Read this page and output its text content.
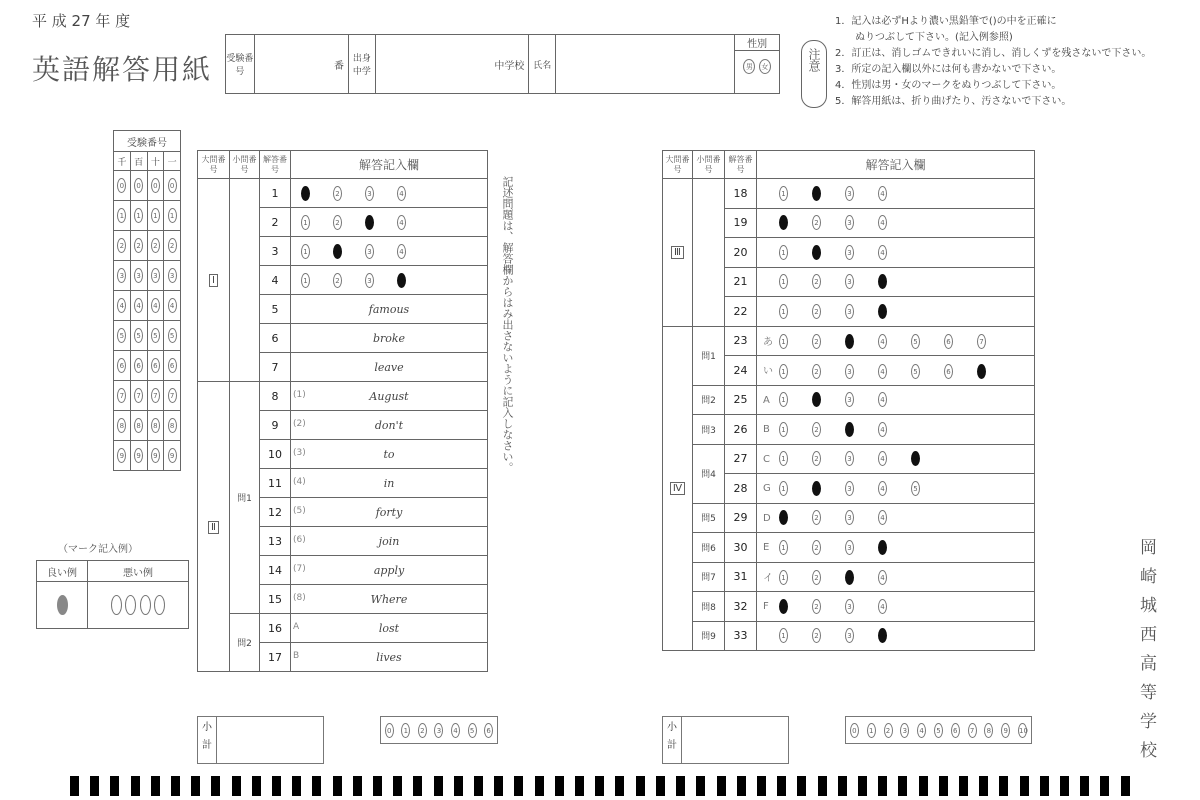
平 成 27 年 度
英語解答用紙 受験番号	番	出身中学	中学校	氏名		
性別
男 女	注意
1．記入は必ずHより濃い黒鉛筆で()の中を正確に
　　ぬりつぶして下さい。(記入例参照)
2．訂正は、消しゴムできれいに消し、消しくずを残さないで下さい。
3．所定の記入欄以外には何も書かないで下さい。
4．性別は男・女のマークをぬりつぶして下さい。
5．解答用紙は、折り曲げたり、汚さないで下さい。
受験番号			
千	百	十	一
0	0	0	0
1	1	1	1
2	2	2	2
3	3	3	3
4	4	4	4
5	5	5	5
6	6	6	6
7	7	7	7
8	8	8	8
9	9	9	9
（マーク記入例）
良い例	悪い例

大問番号	小問番号	解答番号	解答記入欄
Ⅰ		1	1 2 3 4
		2	1 2 3 4
		3	1 2 3 4
		4	1 2 3 4
		5	famous
		6	broke
		7	leave
Ⅱ	問1	8	(1) August
		9	(2) don't
		10	(3) to
		11	(4) in
		12	(5) forty
		13	(6) join
		14	(7) apply
		15	(8) Where
	問2	16	A lost
		17	B lives
記述問題は、解答欄からはみ出さないように記入しなさい。
大問番号	小問番号	解答番号	解答記入欄
Ⅲ		18	1 2 3 4
		19	1 2 3 4
		20	1 2 3 4
		21	1 2 3 4
		22	1 2 3 4
Ⅳ	問1	23	あ 1 2 3 4 5 6 7
		24	い 1 2 3 4 5 6 7
	問2	25	A 1 2 3 4
	問3	26	B 1 2 3 4
	問4	27	C 1 2 3 4 5
		28	G 1 2 3 4 5
	問5	29	D 1 2 3 4
	問6	30	E 1 2 3 4
	問7	31	イ 1 2 3 4
	問8	32	F 1 2 3 4
	問9	33	1 2 3 4
小計
0	1	2	3	4	5	6	小計
0	1	2	3	4	5	6	7	8	9	10
岡崎城西高等学校
